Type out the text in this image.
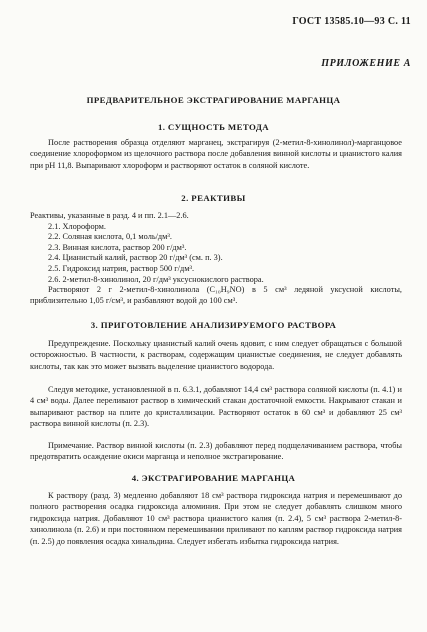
ГОСТ 13585.10—93 С. 11
ПРИЛОЖЕНИЕ А
ПРЕДВАРИТЕЛЬНОЕ ЭКСТРАГИРОВАНИЕ МАРГАНЦА
1. СУЩНОСТЬ МЕТОДА
После растворения образца отделяют марганец, экстрагируя (2-метил-8-хинолинол)-марганцовое соединение хлороформом из щелочного раствора после добавления винной кислоты и цианистого калия при pH 11,8. Выпаривают хлороформ и растворяют остаток в соляной кислоте.
2. РЕАКТИВЫ
Реактивы, указанные в разд. 4 и пп. 2.1—2.6.
2.1. Хлороформ.
2.2. Соляная кислота, 0,1 моль/дм³.
2.3. Винная кислота, раствор 200 г/дм³.
2.4. Цианистый калий, раствор 20 г/дм³ (см. п. 3).
2.5. Гидроксид натрия, раствор 500 г/дм³.
2.6. 2-метил-8-хинолинол, 20 г/дм³ уксуснокислого раствора.
Растворяют 2 г 2-метил-8-хинолинола (C₁₀H₉NO) в 5 см³ ледяной уксусной кислоты, приблизительно 1,05 г/см³, и разбавляют водой до 100 см³.
3. ПРИГОТОВЛЕНИЕ АНАЛИЗИРУЕМОГО РАСТВОРА
Предупреждение. Поскольку цианистый калий очень ядовит, с ним следует обращаться с большой осторожностью. В частности, к растворам, содержащим цианистые соединения, не следует добавлять кислоты, так как это может вызвать выделение цианистого водорода.
Следуя методике, установленной в п. 6.3.1, добавляют 14,4 см³ раствора соляной кислоты (п. 4.1) и 4 см³ воды. Далее переливают раствор в химический стакан достаточной емкости. Накрывают стакан и выпаривают раствор на плите до кристаллизации. Растворяют остаток в 60 см³ и добавляют 25 см³ раствора винной кислоты (п. 2.3).
Примечание. Раствор винной кислоты (п. 2.3) добавляют перед подщелачиванием раствора, чтобы предотвратить осаждение окиси марганца и неполное экстрагирование.
4. ЭКСТРАГИРОВАНИЕ МАРГАНЦА
К раствору (разд. 3) медленно добавляют 18 см³ раствора гидроксида натрия и перемешивают до полного растворения осадка гидроксида алюминия. При этом не следует добавлять слишком много гидроксида натрия. Добавляют 10 см³ раствора цианистого калия (п. 2.4), 5 см³ раствора 2-метил-8-хинолинола (п. 2.6) и при постоянном перемешивании приливают по каплям раствор гидроксида натрия (п. 2.5) до появления осадка хинальдина. Следует избегать избытка гидроксида натрия.
